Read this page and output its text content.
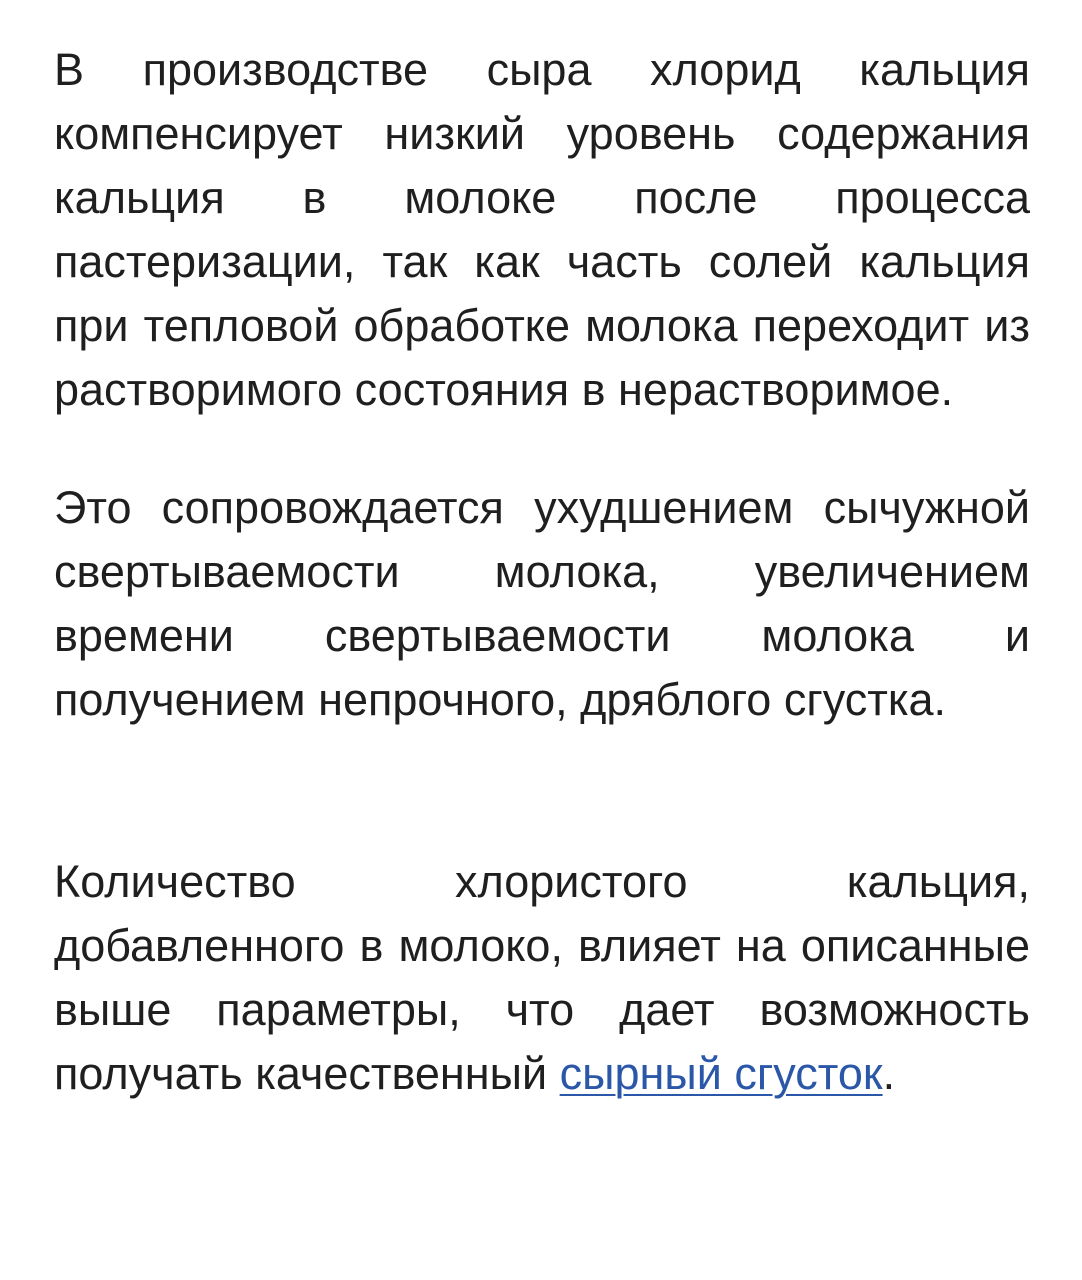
В производстве сыра хлорид кальция компенсирует низкий уровень содержания кальция в молоке после процесса пастеризации, так как часть солей кальция при тепловой обработке молока переходит из растворимого состояния в нерастворимое.

Это сопровождается ухудшением сычужной свертываемости молока, увеличением времени свертываемости молока и получением непрочного, дряблого сгустка.

Количество хлористого кальция, добавленного в молоко, влияет на описанные выше параметры, что дает возможность получать качественный сырный сгусток.
